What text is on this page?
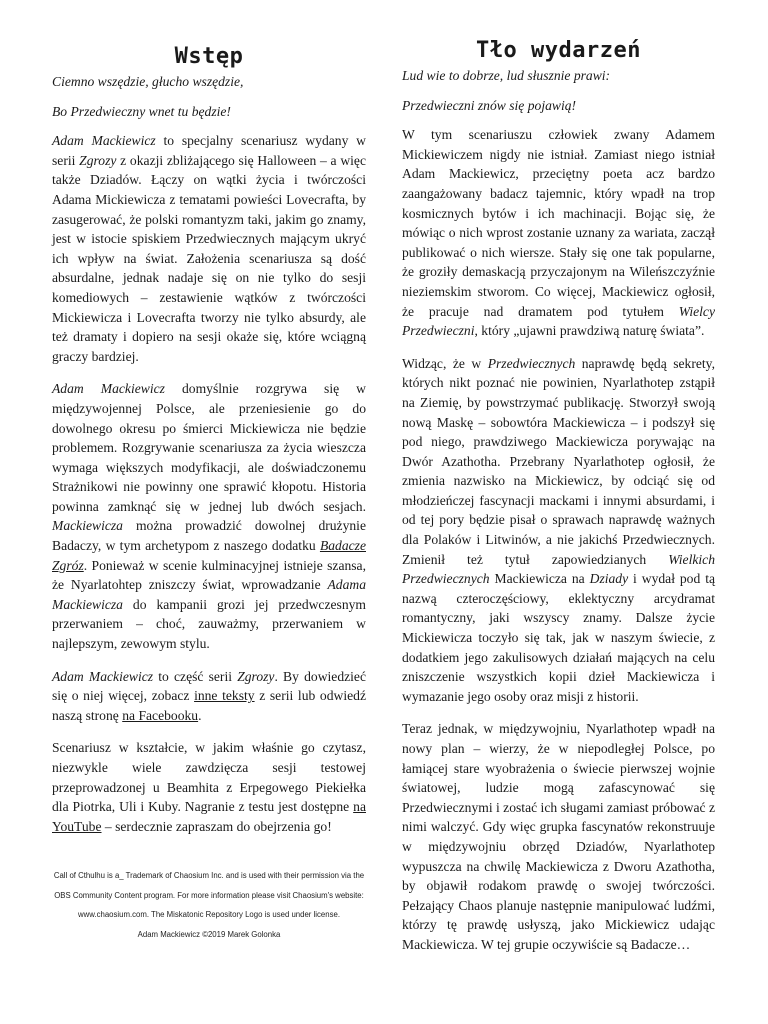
Wstęp

Ciemno wszędzie, głucho wszędzie,

Bo Przedwieczny wnet tu będzie!

Adam Mackiewicz to specjalny scenariusz wydany w serii Zgrozy z okazji zbliżającego się Halloween – a więc także Dziadów. Łączy on wątki życia i twórczości Adama Mickiewicza z tematami powieści Lovecrafta, by zasugerować, że polski romantyzm taki, jakim go znamy, jest w istocie spiskiem Przedwiecznych mającym ukryć ich wpływ na świat. Założenia scenariusza są dość absurdalne, jednak nadaje się on nie tylko do sesji komediowych – zestawienie wątków z twórczości Mickiewicza i Lovecrafta tworzy nie tylko absurdy, ale też dramaty i dopiero na sesji okaże się, które wciągną graczy bardziej.

Adam Mackiewicz domyślnie rozgrywa się w międzywojennej Polsce, ale przeniesienie go do dowolnego okresu po śmierci Mickiewicza nie będzie problemem. Rozgrywanie scenariusza za życia wieszcza wymaga większych modyfikacji, ale doświadczonemu Strażnikowi nie powinny one sprawić kłopotu. Historia powinna zamknąć się w jednej lub dwóch sesjach. Mackiewicza można prowadzić dowolnej drużynie Badaczy, w tym archetypom z naszego dodatku Badacze Zgróz. Ponieważ w scenie kulminacyjnej istnieje szansa, że Nyarlatohtep zniszczy świat, wprowadzanie Adama Mackiewicza do kampanii grozi jej przedwczesnym przerwaniem – choć, zauważmy, przerwaniem w najlepszym, zewowym stylu.

Adam Mackiewicz to część serii Zgrozy. By dowiedzieć się o niej więcej, zobacz inne teksty z serii lub odwiedź naszą stronę na Facebooku.

Scenariusz w kształcie, w jakim właśnie go czytasz, niezwykle wiele zawdzięcza sesji testowej przeprowadzonej u Beamhita z Erpegowego Piekiełka dla Piotrka, Uli i Kuby. Nagranie z testu jest dostępne na YouTube – serdecznie zapraszam do obejrzenia go!

Call of Cthulhu is a_ Trademark of Chaosium Inc. and is used with their permission via the
OBS Community Content program. For more information please visit Chaosium's website:
www.chaosium.com. The Miskatonic Repository Logo is used under license.
Adam Mackiewicz ©2019 Marek Golonka
Tło wydarzeń

Lud wie to dobrze, lud słusznie prawi:

Przedwieczni znów się pojawią!

W tym scenariuszu człowiek zwany Adamem Mickiewiczem nigdy nie istniał. Zamiast niego istniał Adam Mackiewicz, przeciętny poeta acz bardzo zaangażowany badacz tajemnic, który wpadł na trop kosmicznych bytów i ich machinacji. Bojąc się, że mówiąc o nich wprost zostanie uznany za wariata, zaczął publikować o nich wiersze. Stały się one tak popularne, że groziły demaskacją przyczajonym na Wileńszczyźnie nieziemskim stworom. Co więcej, Mackiewicz ogłosił, że pracuje nad dramatem pod tytułem Wielcy Przedwieczni, który „ujawni prawdziwą naturę świata”.

Widząc, że w Przedwiecznych naprawdę będą sekrety, których nikt poznać nie powinien, Nyarlathotep zstąpił na Ziemię, by powstrzymać publikację. Stworzył swoją nową Maskę – sobowtóra Mackiewicza – i podszył się pod niego, prawdziwego Mackiewicza porywając na Dwór Azathotha. Przebrany Nyarlathotep ogłosił, że zmienia nazwisko na Mickiewicz, by odciąć się od młodzieńczej fascynacji mackami i innymi absurdami, i od tej pory będzie pisał o sprawach naprawdę ważnych dla Polaków i Litwinów, a nie jakichś Przedwiecznych. Zmienił też tytuł zapowiedzianych Wielkich Przedwiecznych Mackiewicza na Dziady i wydał pod tą nazwą czteroczęściowy, eklektyczny arcydramat romantyczny, jaki wszyscy znamy. Dalsze życie Mickiewicza toczyło się tak, jak w naszym świecie, z dodatkiem jego zakulisowych działań mających na celu zniszczenie wszystkich kopii dzieł Mackiewicza i wymazanie jego osoby oraz misji z historii.

Teraz jednak, w międzywojniu, Nyarlathotep wpadł na nowy plan – wierzy, że w niepodległej Polsce, po łamiącej stare wyobrażenia o świecie pierwszej wojnie światowej, ludzie mogą zafascynować się Przedwiecznymi i zostać ich sługami zamiast próbować z nimi walczyć. Gdy więc grupka fascynatów rekonstruuje w międzywojniu obrzęd Dziadów, Nyarlathotep wypuszcza na chwilę Mackiewicza z Dworu Azathotha, by objawił rodakom prawdę o swojej twórczości. Pełzający Chaos planuje następnie manipulować ludźmi, którzy tę prawdę usłyszą, jako Mickiewicz udając Mackiewicza. W tej grupie oczywiście są Badacze…
